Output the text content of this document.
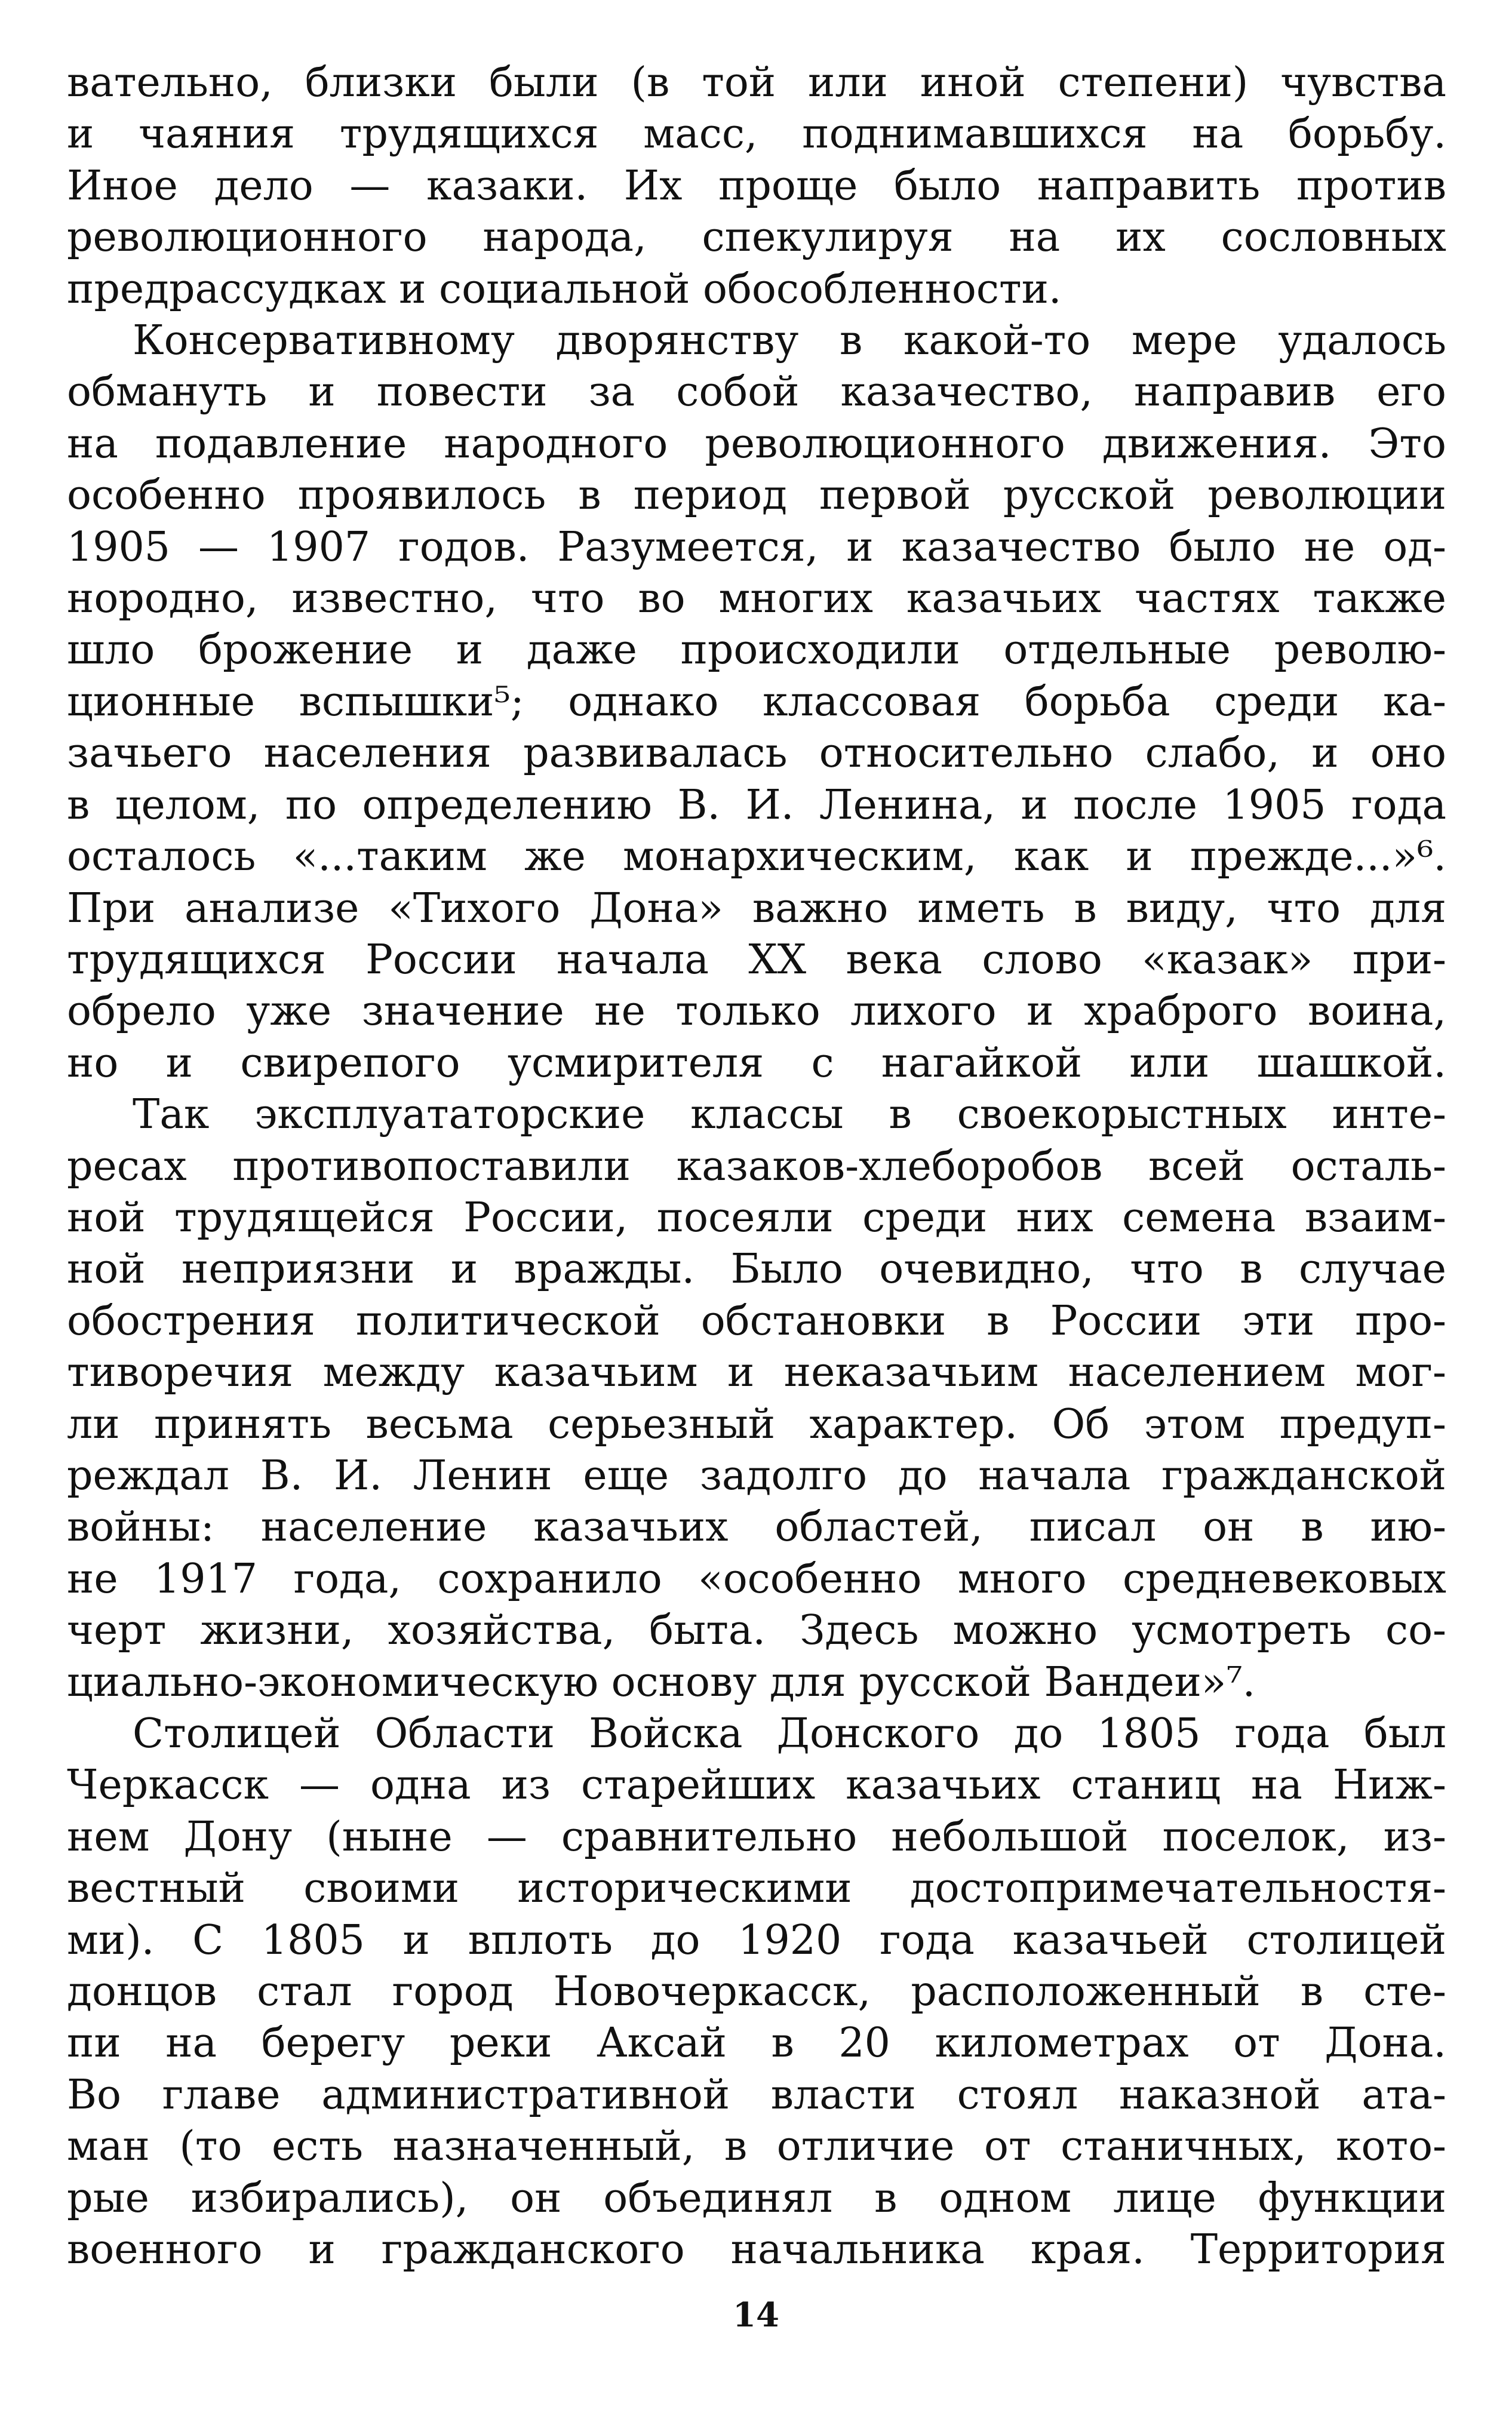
вательно, близки были (в той или иной степени) чувства
и чаяния трудящихся масс, поднимавшихся на борьбу.
Иное дело — казаки. Их проще было направить против
революционного народа, спекулируя на их сословных
предрассудках и социальной обособленности.
Консервативному дворянству в какой-то мере удалось
обмануть и повести за собой казачество, направив его
на подавление народного революционного движения. Это
особенно проявилось в период первой русской революции
1905 — 1907 годов. Разумеется, и казачество было не од-
нородно, известно, что во многих казачьих частях также
шло брожение и даже происходили отдельные револю-
ционные вспышки⁵; однако классовая борьба среди ка-
зачьего населения развивалась относительно слабо, и оно
в целом, по определению В. И. Ленина, и после 1905 года
осталось «...таким же монархическим, как и прежде...»⁶.
При анализе «Тихого Дона» важно иметь в виду, что для
трудящихся России начала XX века слово «казак» при-
обрело уже значение не только лихого и храброго воина,
но и свирепого усмирителя с нагайкой или шашкой.
Так эксплуататорские классы в своекорыстных инте-
ресах противопоставили казаков-хлеборобов всей осталь-
ной трудящейся России, посеяли среди них семена взаим-
ной неприязни и вражды. Было очевидно, что в случае
обострения политической обстановки в России эти про-
тиворечия между казачьим и неказачьим населением мог-
ли принять весьма серьезный характер. Об этом предуп-
реждал В. И. Ленин еще задолго до начала гражданской
войны: население казачьих областей, писал он в ию-
не 1917 года, сохранило «особенно много средневековых
черт жизни, хозяйства, быта. Здесь можно усмотреть со-
циально-экономическую основу для русской Вандеи»⁷.
Столицей Области Войска Донского до 1805 года был
Черкасск — одна из старейших казачьих станиц на Ниж-
нем Дону (ныне — сравнительно небольшой поселок, из-
вестный своими историческими достопримечательностя-
ми). С 1805 и вплоть до 1920 года казачьей столицей
донцов стал город Новочеркасск, расположенный в сте-
пи на берегу реки Аксай в 20 километрах от Дона.
Во главе административной власти стоял наказной ата-
ман (то есть назначенный, в отличие от станичных, кото-
рые избирались), он объединял в одном лице функции
военного и гражданского начальника края. Территория
14
